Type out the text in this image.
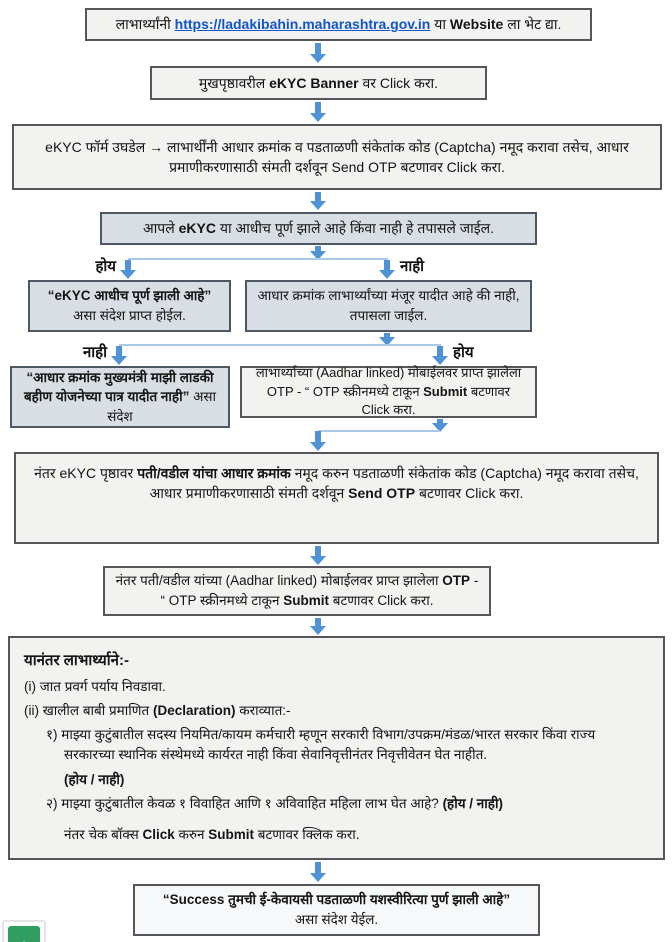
लाभार्थ्यांनी https://ladakibahin.maharashtra.gov.in या Website ला भेट द्या.
मुखपृष्ठावरील eKYC Banner वर Click करा.
eKYC फॉर्म उघडेल → लाभार्थींनी आधार क्रमांक व पडताळणी संकेतांक कोड (Captcha) नमूद करावा तसेच, आधार प्रमाणीकरणासाठी संमती दर्शवून Send OTP बटणावर Click करा.
आपले eKYC या आधीच पूर्ण झाले आहे किंवा नाही हे तपासले जाईल.
होय	नाही
“eKYC आधीच पूर्ण झाली आहे” असा संदेश प्राप्त होईल.
आधार क्रमांक लाभार्थ्यांच्या मंजूर यादीत आहे की नाही, तपासला जाईल.
नाही	होय
“आधार क्रमांक मुख्यमंत्री माझी लाडकी बहीण योजनेच्या पात्र यादीत नाही” असा संदेश
लाभार्थ्याच्या (Aadhar linked) मोबाईलवर प्राप्त झालेला OTP - “ OTP स्क्रीनमध्ये टाकून Submit बटणावर Click करा.
नंतर eKYC पृष्ठावर पती/वडील यांचा आधार क्रमांक नमूद करुन पडताळणी संकेतांक कोड (Captcha) नमूद करावा तसेच, आधार प्रमाणीकरणासाठी संमती दर्शवून Send OTP बटणावर Click करा.
नंतर पती/वडील यांच्या (Aadhar linked) मोबाईलवर प्राप्त झालेला OTP - “ OTP स्क्रीनमध्ये टाकून Submit बटणावर Click करा.
यानंतर लाभार्थ्याने:-
(i) जात प्रवर्ग पर्याय निवडावा.
(ii) खालील बाबी प्रमाणित (Declaration) कराव्यात:-
१) माझ्या कुटुंबातील सदस्य नियमित/कायम कर्मचारी म्हणून सरकारी विभाग/उपक्रम/मंडळ/भारत सरकार किंवा राज्य सरकारच्या स्थानिक संस्थेमध्ये कार्यरत नाही किंवा सेवानिवृत्तीनंतर निवृत्तीवेतन घेत नाहीत.
(होय / नाही)
२) माझ्या कुटुंबातील केवळ १ विवाहित आणि १ अविवाहित महिला लाभ घेत आहे? (होय / नाही)
नंतर चेक बॉक्स Click करुन Submit बटणावर क्लिक करा.
“Success तुमची ई-केवायसी पडताळणी यशस्वीरित्या पुर्ण झाली आहे”
असा संदेश येईल.
